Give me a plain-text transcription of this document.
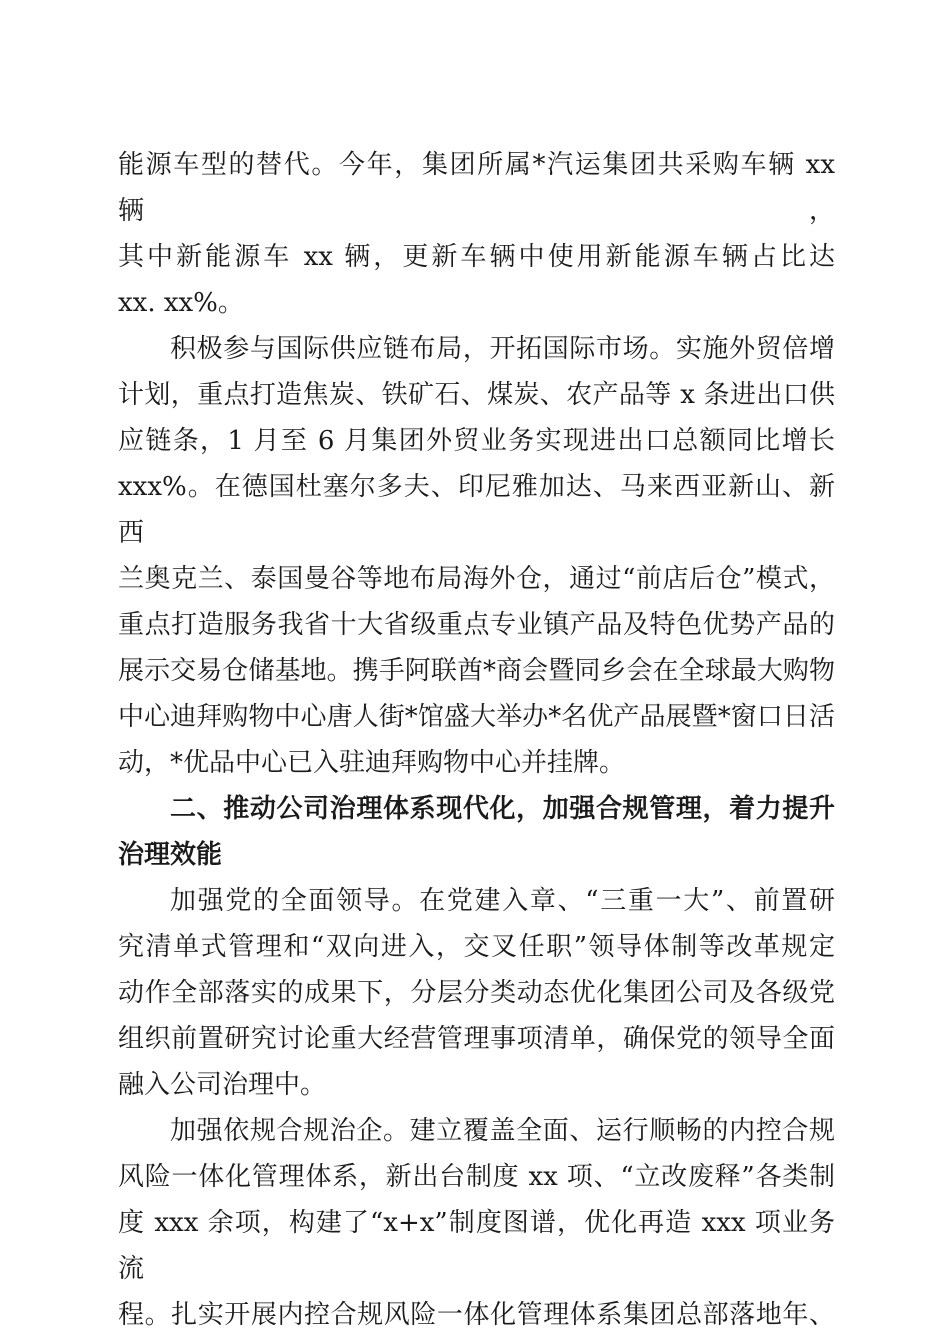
能源车型的替代。今年，集团所属*汽运集团共采购车辆 xx 辆，
其中新能源车 xx 辆，更新车辆中使用新能源车辆占比达
xx. xx%。

积极参与国际供应链布局，开拓国际市场。实施外贸倍增
计划，重点打造焦炭、铁矿石、煤炭、农产品等 x 条进出口供
应链条，1 月至 6 月集团外贸业务实现进出口总额同比增长
xxx%。在德国杜塞尔多夫、印尼雅加达、马来西亚新山、新西
兰奥克兰、泰国曼谷等地布局海外仓，通过“前店后仓”模式，
重点打造服务我省十大省级重点专业镇产品及特色优势产品的
展示交易仓储基地。携手阿联酋*商会暨同乡会在全球最大购物
中心迪拜购物中心唐人街*馆盛大举办*名优产品展暨*窗口日活
动，*优品中心已入驻迪拜购物中心并挂牌。

二、推动公司治理体系现代化，加强合规管理，着力提升
治理效能

加强党的全面领导。在党建入章、“三重一大”、前置研
究清单式管理和“双向进入，交叉任职”领导体制等改革规定
动作全部落实的成果下，分层分类动态优化集团公司及各级党
组织前置研究讨论重大经营管理事项清单，确保党的领导全面
融入公司治理中。

加强依规合规治企。建立覆盖全面、运行顺畅的内控合规
风险一体化管理体系，新出台制度 xx 项、“立改废释”各类制
度 xxx 余项，构建了“x+x”制度图谱，优化再造 xxx 项业务流
程。扎实开展内控合规风险一体化管理体系集团总部落地年、
